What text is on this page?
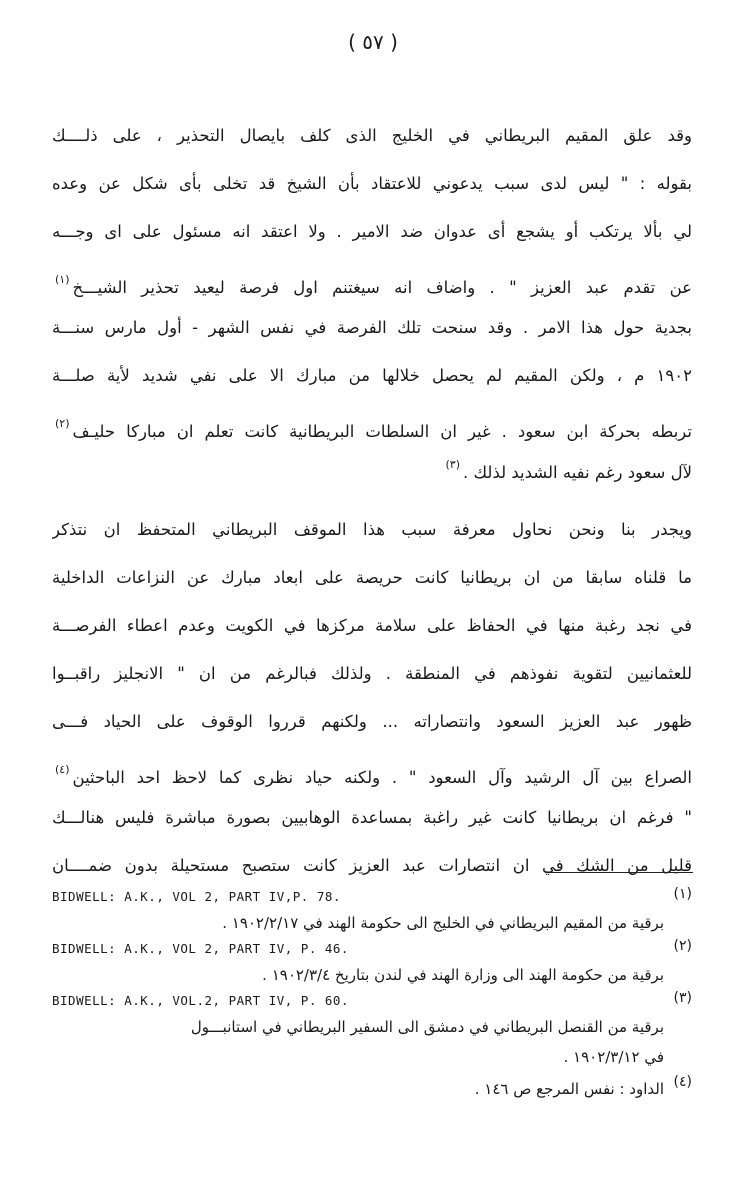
( ٥٧ )
وقد علق المقيم البريطاني في الخليج الذى كلف بايصال التحذير ، على ذلــــك
بقوله : " ليس لدى سبب يدعوني للاعتقاد بأن الشيخ قد تخلى بأى شكل عن وعده
لي بألا يرتكب أو يشجع أى عدوان ضد الامير . ولا اعتقد انه مسئول على اى وجـــه
عن تقدم عبد العزيز " . واضاف انه سيغتنم اول فرصة ليعيد تحذير الشيـــخ$^{(١)}$
بجدية حول هذا الامر . وقد سنحت تلك الفرصة في نفس الشهر - أول مارس سنـــة
١٩٠٢ م ، ولكن المقيم لم يحصل خلالها من مبارك الا على نفي شديد لأية صلـــة
تربطه بحركة ابن سعود . غير ان السلطات البريطانية كانت تعلم ان مباركا حليـف$^{(٢)}$
لآل سعود رغم نفيه الشديد لذلك .$^{(٣)}$
ويجدر بنا ونحن نحاول معرفة سبب هذا الموقف البريطاني المتحفظ ان نتذكر
ما قلناه سابقا من ان بريطانيا كانت حريصة على ابعاد مبارك عن النزاعات الداخلية
في نجد رغبة منها في الحفاظ على سلامة مركزها في الكويت وعدم اعطاء الفرصـــة
للعثمانيين لتقوية نفوذهم في المنطقة . ولذلك فبالرغم من ان " الانجليز راقبــوا
ظهور عبد العزيز السعود وانتصاراته ... ولكنهم قرروا الوقوف على الحياد فـــى
الصراع بين آل الرشيد وآل السعود " . ولكنه حياد نظرى كما لاحظ احد الباحثين$^{(٤)}$
" فرغم ان بريطانيا كانت غير راغبة بمساعدة الوهابيين بصورة مباشرة فليس هنالـــك
قليل من الشك في ان انتصارات عبد العزيز كانت ستصبح مستحيلة بدون ضمــــان
BIDWELL: A.K., VOL 2, PART IV,P. 78.	(١)
برقية من المقيم البريطاني في الخليج الى حكومة الهند في ١٩٠٢/٢/١٧ .
BIDWELL: A.K., VOL 2, PART IV, P. 46.	(٢)
برقية من حكومة الهند الى وزارة الهند في لندن بتاريخ ١٩٠٢/٣/٤ .
BIDWELL: A.K., VOL.2, PART IV, P. 60.	(٣)
برقية من القنصل البريطاني في دمشق الى السفير البريطاني في استانبـــول
في ١٩٠٢/٣/١٢ .
(٤)
الداود : نفس المرجع ص ١٤٦ .
